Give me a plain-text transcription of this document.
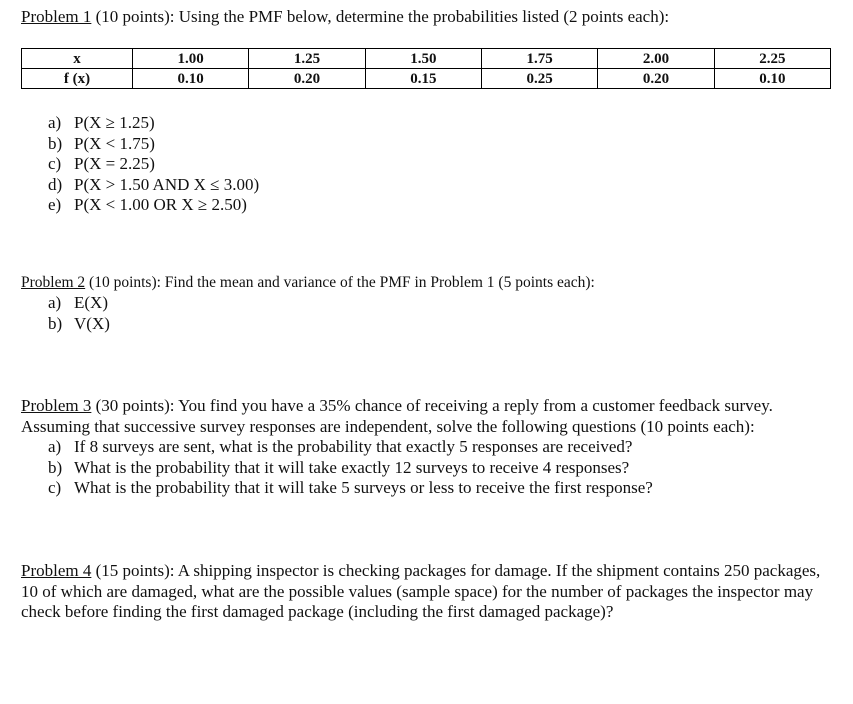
Problem 1 (10 points): Using the PMF below, determine the probabilities listed (2 points each):
x	1.00	1.25	1.50	1.75	2.00	2.25
f (x)	0.10	0.20	0.15	0.25	0.20	0.10
a) P(X ≥ 1.25)
b) P(X < 1.75)
c) P(X = 2.25)
d) P(X > 1.50 AND X ≤ 3.00)
e) P(X < 1.00 OR X ≥ 2.50)
Problem 2 (10 points): Find the mean and variance of the PMF in Problem 1 (5 points each):
a) E(X)
b) V(X)
Problem 3 (30 points): You find you have a 35% chance of receiving a reply from a customer feedback survey. Assuming that successive survey responses are independent, solve the following questions (10 points each):
a) If 8 surveys are sent, what is the probability that exactly 5 responses are received?
b) What is the probability that it will take exactly 12 surveys to receive 4 responses?
c) What is the probability that it will take 5 surveys or less to receive the first response?
Problem 4 (15 points): A shipping inspector is checking packages for damage. If the shipment contains 250 packages, 10 of which are damaged, what are the possible values (sample space) for the number of packages the inspector may check before finding the first damaged package (including the first damaged package)?
